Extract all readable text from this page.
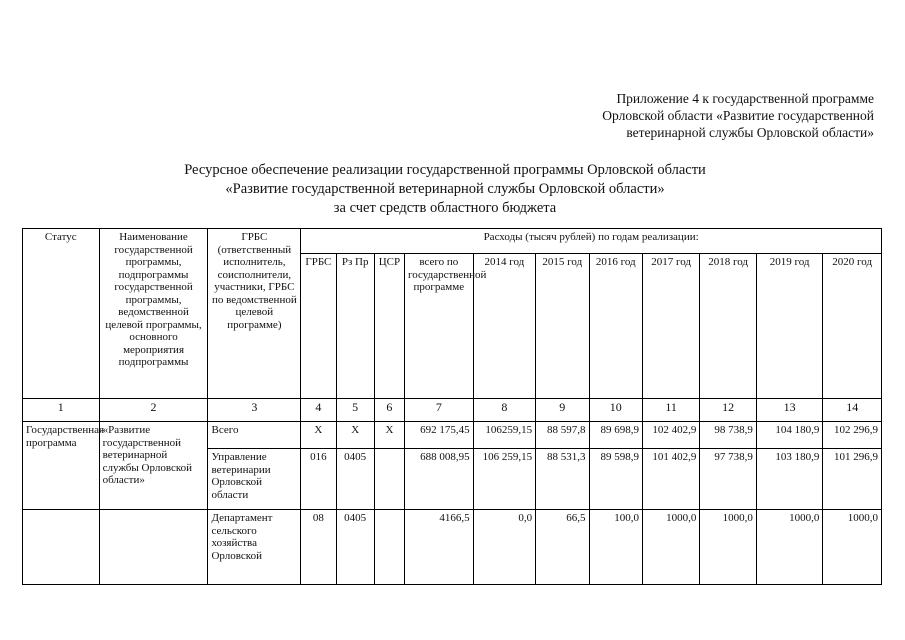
Приложение 4 к государственной программе
Орловской области «Развитие государственной
ветеринарной службы Орловской области»
Ресурсное обеспечение реализации государственной программы Орловской области
«Развитие государственной ветеринарной службы Орловской области»
за счет средств областного бюджета
Статус	Наименование государственной программы, подпрограммы государственной программы, ведомственной целевой программы, основного мероприятия подпрограммы	ГРБС (ответственный исполнитель, соисполнители, участники, ГРБС по ведомственной целевой программе)	Расходы (тысяч рублей) по годам реализации:										
			ГРБС	Рз Пр	ЦСР	всего по государственной программе	2014 год	2015 год	2016 год	2017 год	2018 год	2019 год	2020 год
1	2	3	4	5	6	7	8	9	10	11	12	13	14
Государственная программа	«Развитие государственной ветеринарной службы Орловской области»	Всего	Х	Х	Х	692 175,45	106259,15	88 597,8	89 698,9	102 402,9	98 738,9	104 180,9	102 296,9
		Управление ветеринарии Орловской области	016	0405		688 008,95	106 259,15	88 531,3	89 598,9	101 402,9	97 738,9	103 180,9	101 296,9
		Департамент сельского хозяйства Орловской	08	0405		4166,5	0,0	66,5	100,0	1000,0	1000,0	1000,0	1000,0
